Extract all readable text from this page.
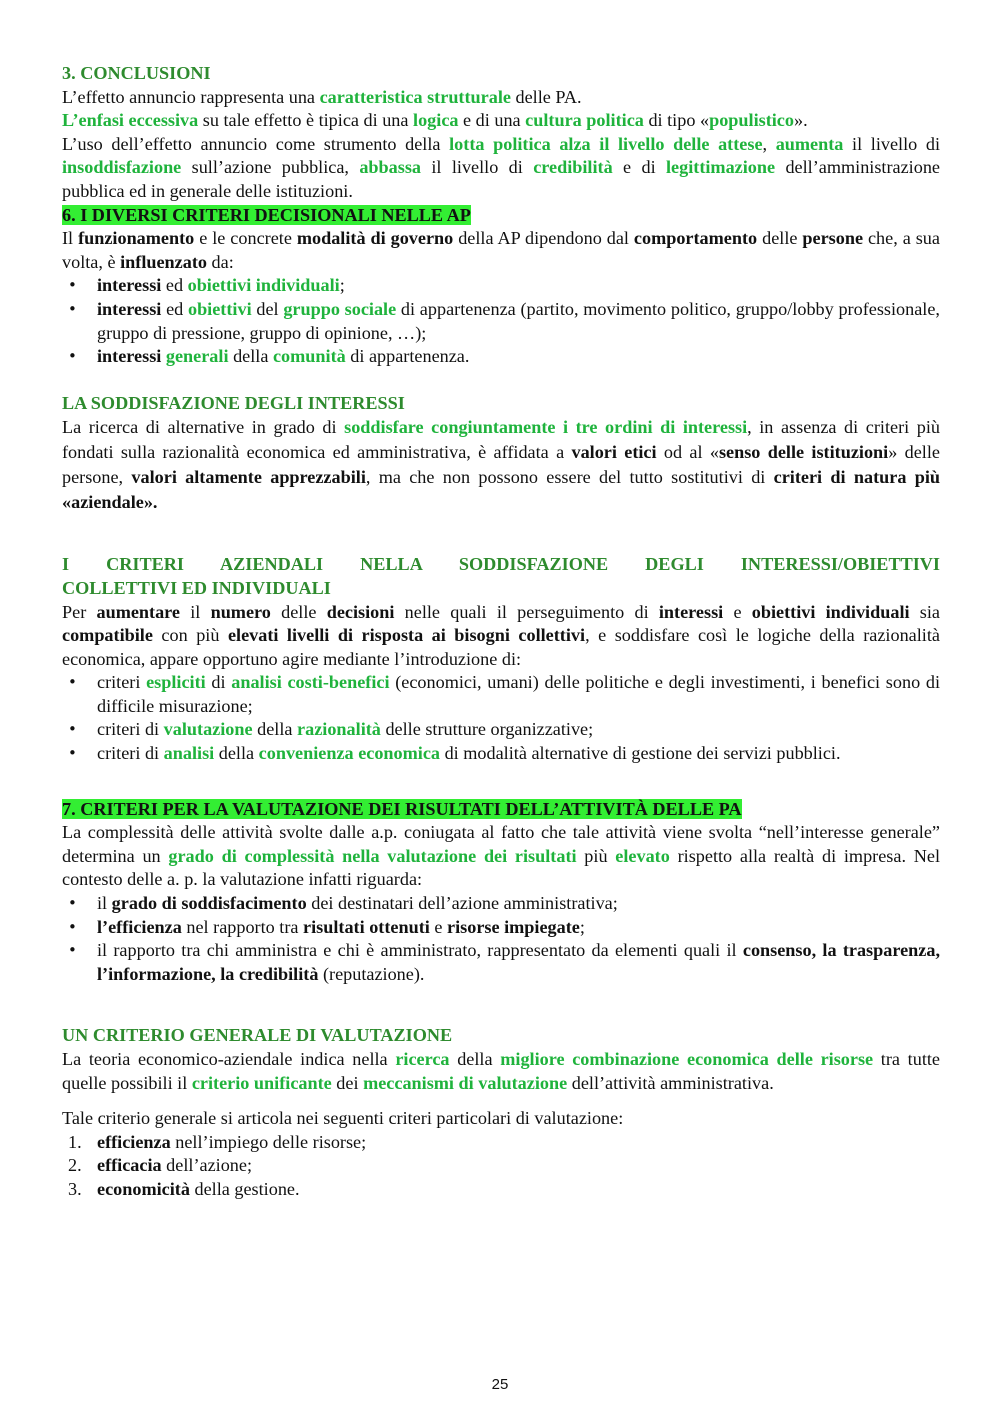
3. CONCLUSIONI

L’effetto annuncio rappresenta una caratteristica strutturale delle PA.

L’enfasi eccessiva su tale effetto è tipica di una logica e di una cultura politica di tipo «populistico».

L’uso dell’effetto annuncio come strumento della lotta politica alza il livello delle attese, aumenta il livello di insoddisfazione sull’azione pubblica, abbassa il livello di credibilità e di legittimazione dell’amministrazione pubblica ed in generale delle istituzioni.

6. I DIVERSI CRITERI DECISIONALI NELLE AP

Il funzionamento e le concrete modalità di governo della AP dipendono dal comportamento delle persone che, a sua volta, è influenzato da:

• interessi ed obiettivi individuali;
• interessi ed obiettivi del gruppo sociale di appartenenza (partito, movimento politico, gruppo/lobby professionale, gruppo di pressione, gruppo di opinione, …);
• interessi generali della comunità di appartenenza.
LA SODDISFAZIONE DEGLI INTERESSI

La ricerca di alternative in grado di soddisfare congiuntamente i tre ordini di interessi, in assenza di criteri più fondati sulla razionalità economica ed amministrativa, è affidata a valori etici od al «senso delle istituzioni» delle persone, valori altamente apprezzabili, ma che non possono essere del tutto sostitutivi di criteri di natura più «aziendale».

I CRITERI AZIENDALI NELLA SODDISFAZIONE DEGLI INTERESSI/OBIETTIVI
COLLETTIVI ED INDIVIDUALI

Per aumentare il numero delle decisioni nelle quali il perseguimento di interessi e obiettivi individuali sia compatibile con più elevati livelli di risposta ai bisogni collettivi, e soddisfare così le logiche della razionalità economica, appare opportuno agire mediante l’introduzione di:

• criteri espliciti di analisi costi-benefici (economici, umani) delle politiche e degli investimenti, i benefici sono di difficile misurazione;
• criteri di valutazione della razionalità delle strutture organizzative;
• criteri di analisi della convenienza economica di modalità alternative di gestione dei servizi pubblici.
7. CRITERI PER LA VALUTAZIONE DEI RISULTATI DELL’ATTIVITÀ DELLE PA

La complessità delle attività svolte dalle a.p. coniugata al fatto che tale attività viene svolta “nell’interesse generale” determina un grado di complessità nella valutazione dei risultati più elevato rispetto alla realtà di impresa. Nel contesto delle a. p. la valutazione infatti riguarda:

• il grado di soddisfacimento dei destinatari dell’azione amministrativa;
• l’efficienza nel rapporto tra risultati ottenuti e risorse impiegate;
• il rapporto tra chi amministra e chi è amministrato, rappresentato da elementi quali il consenso, la trasparenza, l’informazione, la credibilità (reputazione).
UN CRITERIO GENERALE DI VALUTAZIONE

La teoria economico-aziendale indica nella ricerca della migliore combinazione economica delle risorse tra tutte quelle possibili il criterio unificante dei meccanismi di valutazione dell’attività amministrativa.

Tale criterio generale si articola nei seguenti criteri particolari di valutazione:

1. efficienza nell’impiego delle risorse;
2. efficacia dell’azione;
3. economicità della gestione.
25
